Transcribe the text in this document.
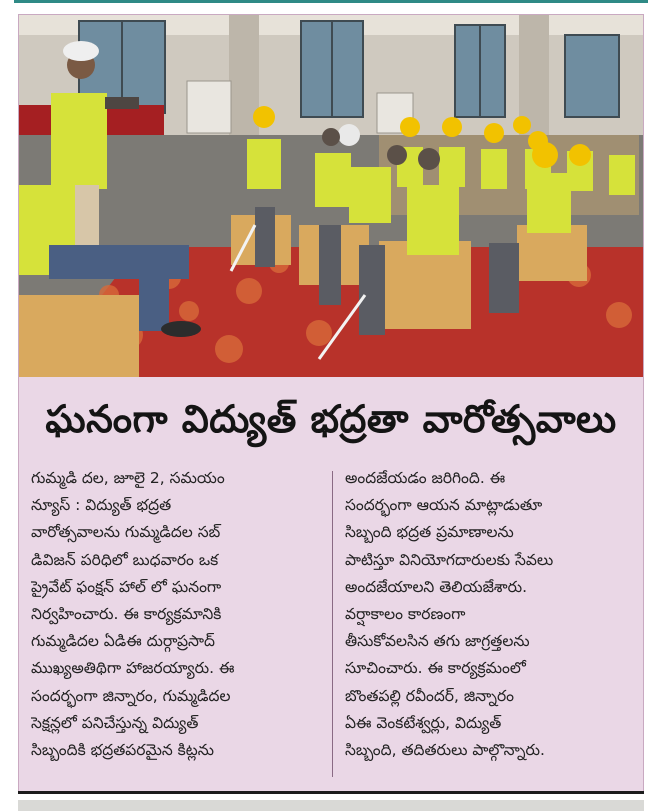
ఘనంగా విద్యుత్ భద్రతా వారోత్సవాలు
గుమ్మడి దల, జూలై 2, సమయం
న్యూస్ : విద్యుత్ భద్రత
వారోత్సవాలను గుమ్మడిదల సబ్
డివిజన్ పరిధిలో బుధవారం ఒక
ప్రైవేట్ ఫంక్షన్ హాల్ లో ఘనంగా
నిర్వహించారు. ఈ కార్యక్రమానికి
గుమ్మడిదల ఏడిఈ దుర్గాప్రసాద్
ముఖ్యఅతిథిగా హాజరయ్యారు. ఈ
సందర్భంగా జిన్నారం, గుమ్మడిదల
సెక్షన్లలో పనిచేస్తున్న విద్యుత్
సిబ్బందికి భద్రతపరమైన కిట్లను
అందజేయడం జరిగింది. ఈ
సందర్భంగా ఆయన మాట్లాడుతూ
సిబ్బంది భద్రత ప్రమాణాలను
పాటిస్తూ వినియోగదారులకు సేవలు
అందజేయాలని తెలియజేశారు.
వర్షాకాలం కారణంగా
తీసుకోవలసిన తగు జాగ్రత్తలను
సూచించారు. ఈ కార్యక్రమంలో
బొంతపల్లి రవీందర్, జిన్నారం
ఏఈ వెంకటేశ్వర్లు, విద్యుత్
సిబ్బంది, తదితరులు పాల్గొన్నారు.
